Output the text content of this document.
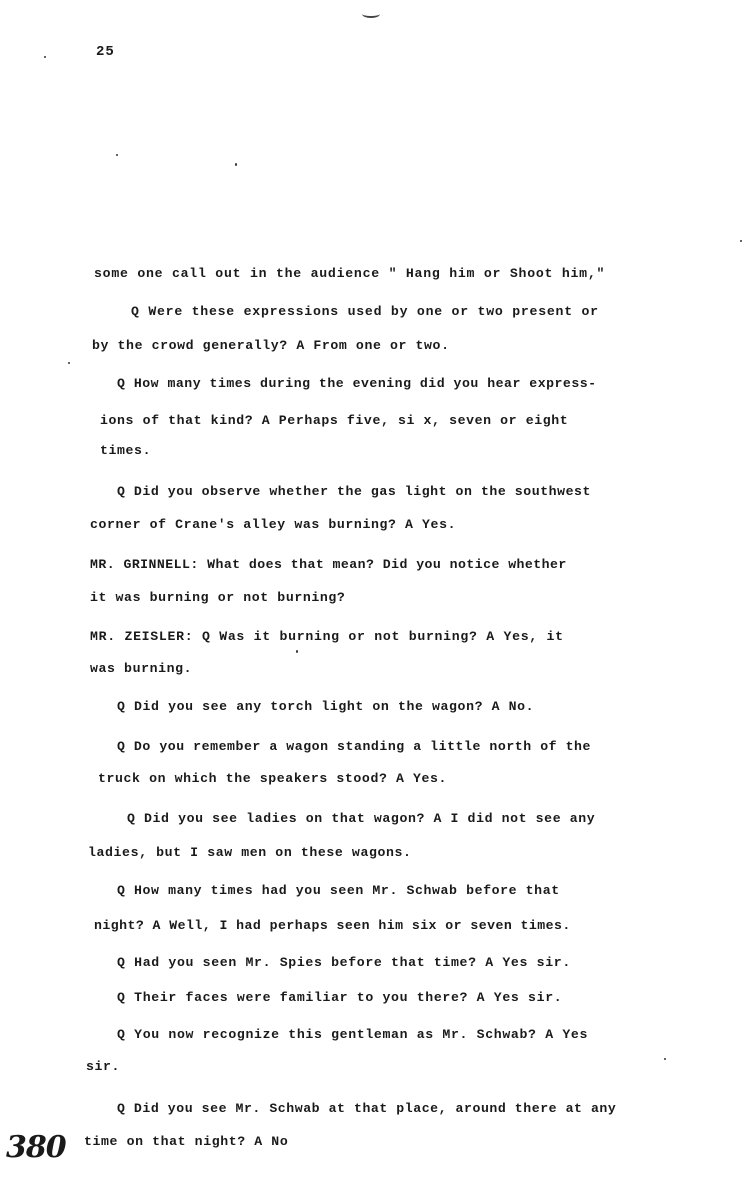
25
some one call out in the audience " Hang him or Shoot him,"
Q Were these expressions used by one or two present or
by the crowd generally? A From one or two.
Q How many times during the evening did you hear express-
ions of that kind? A Perhaps five, si x, seven or eight
times.
Q Did you observe whether the gas light on the southwest
corner of Crane's alley was burning? A Yes.
MR. GRINNELL: What does that mean? Did you notice whether
it was burning or not burning?
MR. ZEISLER: Q Was it burning or not burning? A Yes, it
was burning.
Q Did you see any torch light on the wagon? A No.
Q Do you remember a wagon standing a little north of the
truck on which the speakers stood? A Yes.
Q Did you see ladies on that wagon? A I did not see any
ladies, but I saw men on these wagons.
Q How many times had you seen Mr. Schwab before that
night? A Well, I had perhaps seen him six or seven times.
Q Had you seen Mr. Spies before that time? A Yes sir.
Q Their faces were familiar to you there? A Yes sir.
Q You now recognize this gentleman as Mr. Schwab? A Yes
sir.
Q Did you see Mr. Schwab at that place, around there at any
time on that night? A No
380
